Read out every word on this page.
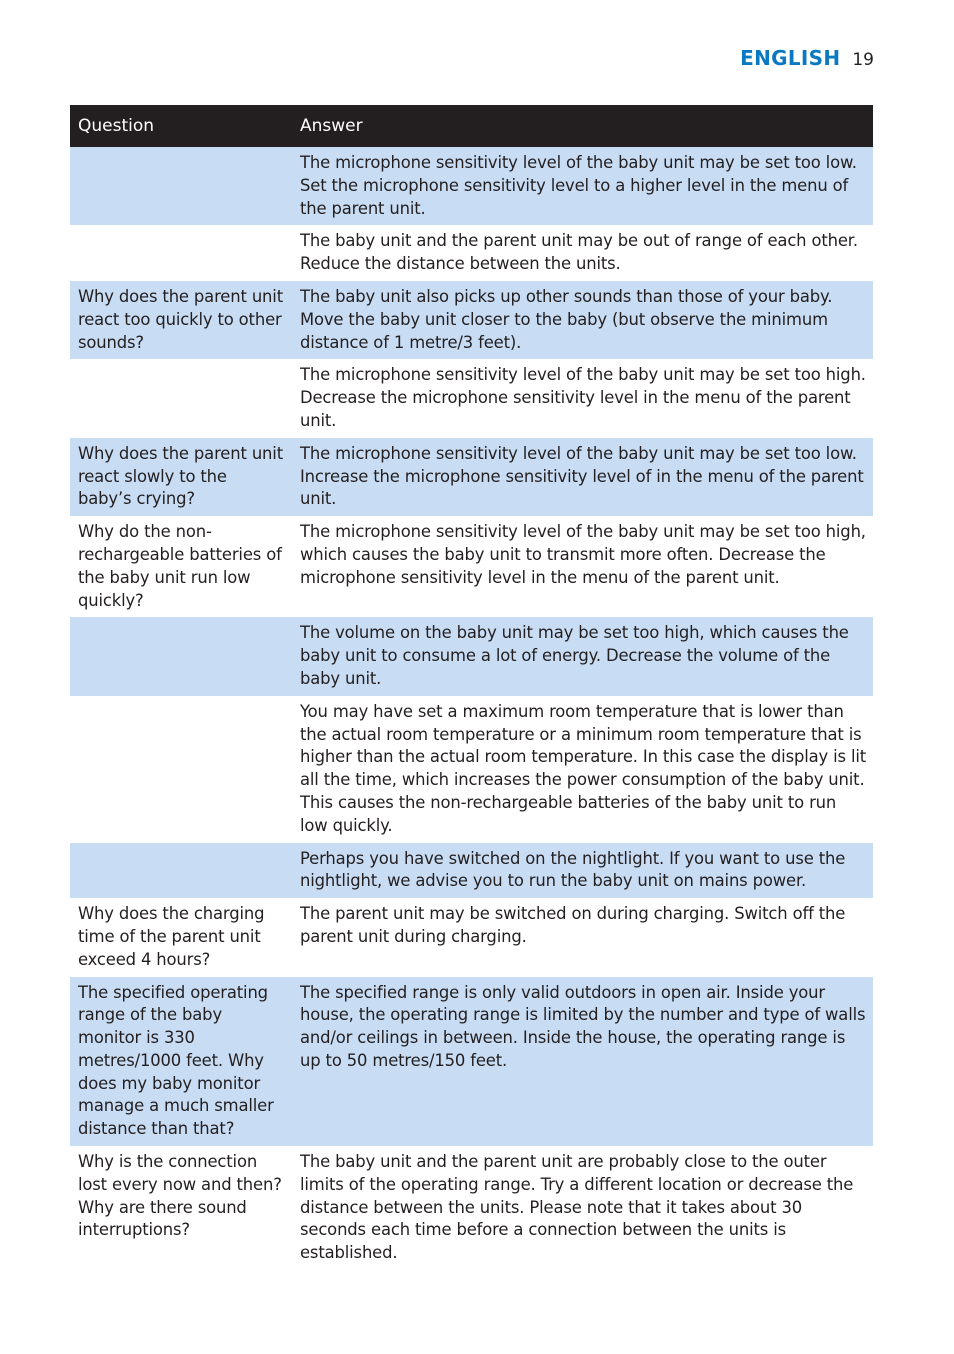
ENGLISH 19
Question	Answer
	The microphone sensitivity level of the baby unit may be set too low. Set the microphone sensitivity level to a higher level in the menu of the parent unit.
	The baby unit and the parent unit may be out of range of each other. Reduce the distance between the units.
Why does the parent unit react too quickly to other sounds?	The baby unit also picks up other sounds than those of your baby. Move the baby unit closer to the baby (but observe the minimum distance of 1 metre/3 feet).
	The microphone sensitivity level of the baby unit may be set too high. Decrease the microphone sensitivity level in the menu of the parent unit.
Why does the parent unit react slowly to the baby’s crying?	The microphone sensitivity level of the baby unit may be set too low. Increase the microphone sensitivity level of in the menu of the parent unit.
Why do the non-rechargeable batteries of the baby unit run low quickly?	The microphone sensitivity level of the baby unit may be set too high, which causes the baby unit to transmit more often. Decrease the microphone sensitivity level in the menu of the parent unit.
	The volume on the baby unit may be set too high, which causes the baby unit to consume a lot of energy. Decrease the volume of the baby unit.
	You may have set a maximum room temperature that is lower than the actual room temperature or a minimum room temperature that is higher than the actual room temperature. In this case the display is lit all the time, which increases the power consumption of the baby unit. This causes the non-rechargeable batteries of the baby unit to run low quickly.
	Perhaps you have switched on the nightlight. If you want to use the nightlight, we advise you to run the baby unit on mains power.
Why does the charging time of the parent unit exceed 4 hours?	The parent unit may be switched on during charging. Switch off the parent unit during charging.
The specified operating range of the baby monitor is 330 metres/1000 feet. Why does my baby monitor manage a much smaller distance than that?	The specified range is only valid outdoors in open air. Inside your house, the operating range is limited by the number and type of walls and/or ceilings in between. Inside the house, the operating range is up to 50 metres/150 feet.
Why is the connection lost every now and then? Why are there sound interruptions?	The baby unit and the parent unit are probably close to the outer limits of the operating range. Try a different location or decrease the distance between the units. Please note that it takes about 30 seconds each time before a connection between the units is established.
